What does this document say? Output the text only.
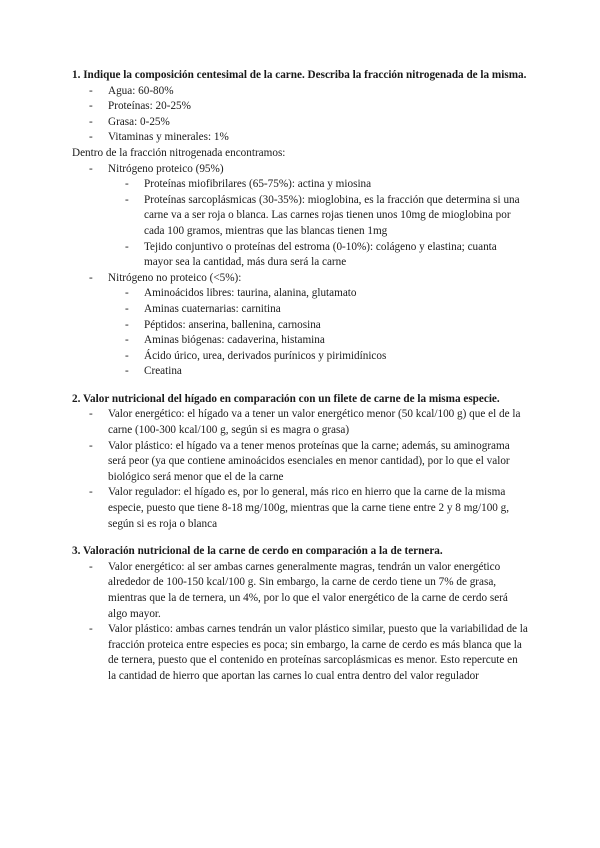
1. Indique la composición centesimal de la carne. Describa la fracción nitrogenada de la misma.

- Agua: 60-80%
- Proteínas: 20-25%
- Grasa: 0-25%
- Vitaminas y minerales: 1%

Dentro de la fracción nitrogenada encontramos:

- Nitrógeno proteico (95%)
- Proteínas miofibrilares (65-75%): actina y miosina
- Proteínas sarcoplásmicas (30-35%): mioglobina, es la fracción que determina si una carne va a ser roja o blanca. Las carnes rojas tienen unos 10mg de mioglobina por cada 100 gramos, mientras que las blancas tienen 1mg
- Tejido conjuntivo o proteínas del estroma (0-10%): colágeno y elastina; cuanta mayor sea la cantidad, más dura será la carne
- Nitrógeno no proteico (<5%):
- Aminoácidos libres: taurina, alanina, glutamato
- Aminas cuaternarias: carnitina
- Péptidos: anserina, ballenina, carnosina
- Aminas biógenas: cadaverina, histamina
- Ácido úrico, urea, derivados purínicos y pirimidínicos
- Creatina

2. Valor nutricional del hígado en comparación con un filete de carne de la misma especie.

- Valor energético: el hígado va a tener un valor energético menor (50 kcal/100 g) que el de la carne (100-300 kcal/100 g, según si es magra o grasa)
- Valor plástico: el hígado va a tener menos proteínas que la carne; además, su aminograma será peor (ya que contiene aminoácidos esenciales en menor cantidad), por lo que el valor biológico será menor que el de la carne
- Valor regulador: el hígado es, por lo general, más rico en hierro que la carne de la misma especie, puesto que tiene 8-18 mg/100g, mientras que la carne tiene entre 2 y 8 mg/100 g, según si es roja o blanca

3. Valoración nutricional de la carne de cerdo en comparación a la de ternera.

- Valor energético: al ser ambas carnes generalmente magras, tendrán un valor energético alrededor de 100-150 kcal/100 g. Sin embargo, la carne de cerdo tiene un 7% de grasa, mientras que la de ternera, un 4%, por lo que el valor energético de la carne de cerdo será algo mayor.
- Valor plástico: ambas carnes tendrán un valor plástico similar, puesto que la variabilidad de la fracción proteica entre especies es poca; sin embargo, la carne de cerdo es más blanca que la de ternera, puesto que el contenido en proteínas sarcoplásmicas es menor. Esto repercute en la cantidad de hierro que aportan las carnes lo cual entra dentro del valor regulador
